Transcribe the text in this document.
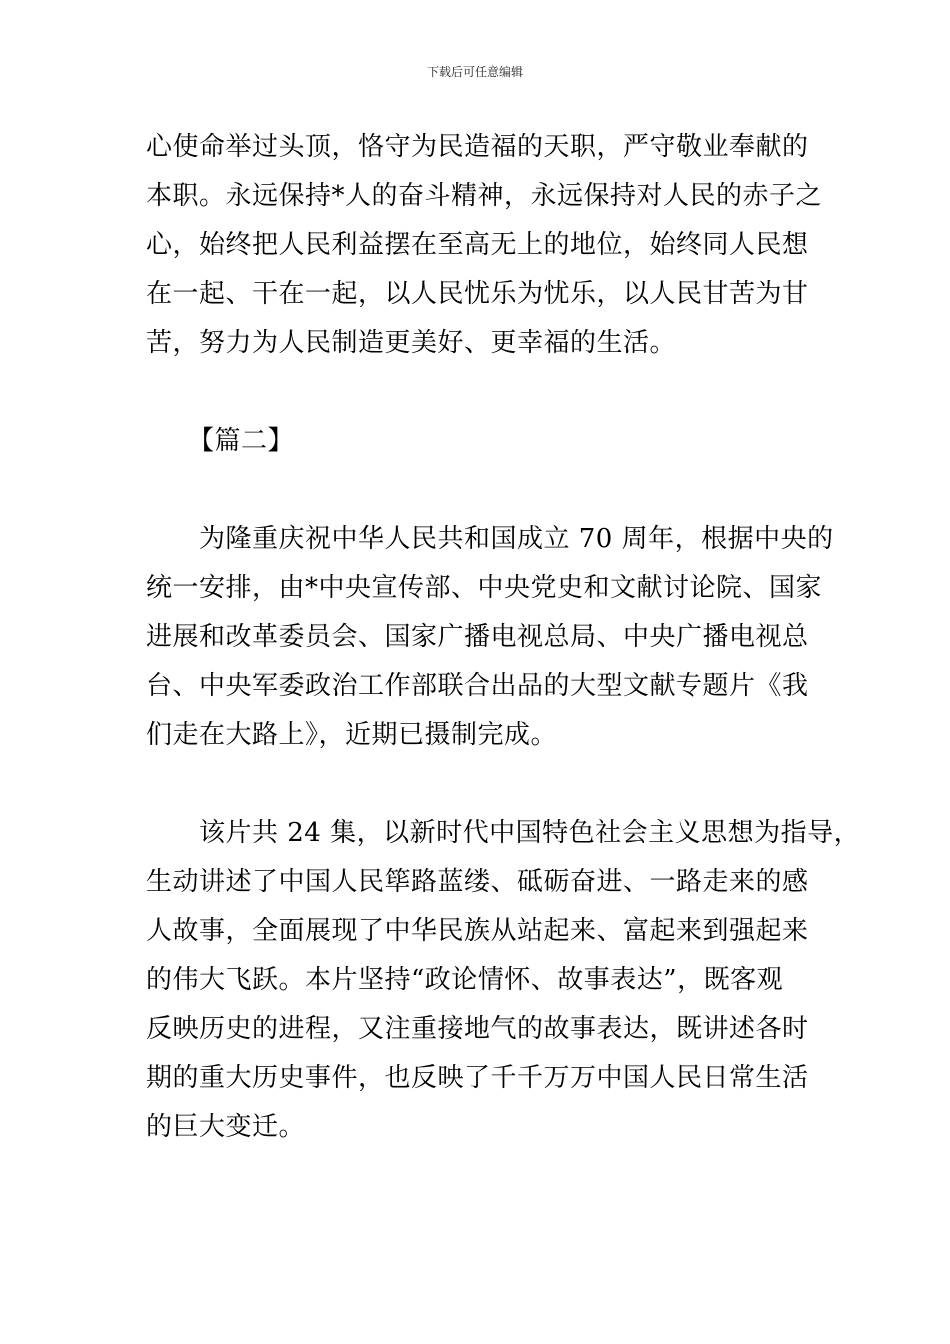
下载后可任意编辑

心使命举过头顶，恪守为民造福的天职，严守敬业奉献的
本职。永远保持*人的奋斗精神，永远保持对人民的赤子之
心，始终把人民利益摆在至高无上的地位，始终同人民想
在一起、干在一起，以人民忧乐为忧乐，以人民甘苦为甘
苦，努力为人民制造更美好、更幸福的生活。

【篇二】

　　为隆重庆祝中华人民共和国成立 70 周年，根据中央的
统一安排，由*中央宣传部、中央党史和文献讨论院、国家
进展和改革委员会、国家广播电视总局、中央广播电视总
台、中央军委政治工作部联合出品的大型文献专题片《我
们走在大路上》，近期已摄制完成。

　　该片共 24 集，以新时代中国特色社会主义思想为指导，
生动讲述了中国人民筚路蓝缕、砥砺奋进、一路走来的感
人故事，全面展现了中华民族从站起来、富起来到强起来
的伟大飞跃。本片坚持“政论情怀、故事表达”，既客观
反映历史的进程，又注重接地气的故事表达，既讲述各时
期的重大历史事件，也反映了千千万万中国人民日常生活
的巨大变迁。
